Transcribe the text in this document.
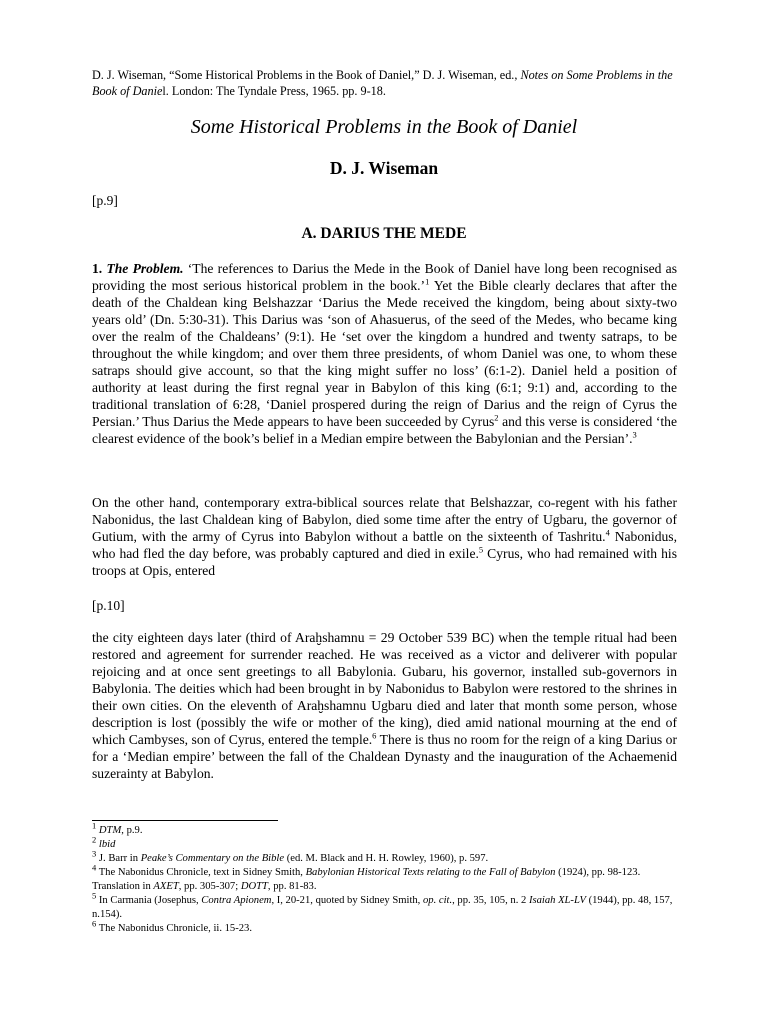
D. J. Wiseman, “Some Historical Problems in the Book of Daniel,” D. J. Wiseman, ed., Notes on Some Problems in the Book of Daniel. London: The Tyndale Press, 1965. pp. 9-18.
Some Historical Problems in the Book of Daniel
D. J. Wiseman
[p.9]
A. DARIUS THE MEDE

1. The Problem. ‘The references to Darius the Mede in the Book of Daniel have long been recognised as providing the most serious historical problem in the book.’$^1$ Yet the Bible clearly declares that after the death of the Chaldean king Belshazzar ‘Darius the Mede received the kingdom, being about sixty-two years old’ (Dn. 5:30-31). This Darius was ‘son of Ahasuerus, of the seed of the Medes, who became king over the realm of the Chaldeans’ (9:1). He ‘set over the kingdom a hundred and twenty satraps, to be throughout the while kingdom; and over them three presidents, of whom Daniel was one, to whom these satraps should give account, so that the king might suffer no loss’ (6:1-2). Daniel held a position of authority at least during the first regnal year in Babylon of this king (6:1; 9:1) and, according to the traditional translation of 6:28, ‘Daniel prospered during the reign of Darius and the reign of Cyrus the Persian.’ Thus Darius the Mede appears to have been succeeded by Cyrus$^2$ and this verse is considered ‘the clearest evidence of the book’s belief in a Median empire between the Babylonian and the Persian’.$^3$

On the other hand, contemporary extra-biblical sources relate that Belshazzar, co-regent with his father Nabonidus, the last Chaldean king of Babylon, died some time after the entry of Ugbaru, the governor of Gutium, with the army of Cyrus into Babylon without a battle on the sixteenth of Tashritu.$^4$ Nabonidus, who had fled the day before, was probably captured and died in exile.$^5$ Cyrus, who had remained with his troops at Opis, entered

[p.10]

the city eighteen days later (third of Araḫshamnu = 29 October 539 BC) when the temple ritual had been restored and agreement for surrender reached. He was received as a victor and deliverer with popular rejoicing and at once sent greetings to all Babylonia. Gubaru, his governor, installed sub-governors in Babylonia. The deities which had been brought in by Nabonidus to Babylon were restored to the shrines in their own cities. On the eleventh of Araḫshamnu Ugbaru died and later that month some person, whose description is lost (possibly the wife or mother of the king), died amid national mourning at the end of which Cambyses, son of Cyrus, entered the temple.$^6$ There is thus no room for the reign of a king Darius or for a ‘Median empire’ between the fall of the Chaldean Dynasty and the inauguration of the Achaemenid suzerainty at Babylon.

$^1$ DTM, p.9.

$^2$ lbid

$^3$ J. Barr in Peake’s Commentary on the Bible (ed. M. Black and H. H. Rowley, 1960), p. 597.

$^4$ The Nabonidus Chronicle, text in Sidney Smith, Babylonian Historical Texts relating to the Fall of Babylon (1924), pp. 98-123. Translation in AXET, pp. 305-307; DOTT, pp. 81-83.

$^5$ In Carmania (Josephus, Contra Apionem, I, 20-21, quoted by Sidney Smith, op. cit., pp. 35, 105, n. 2 Isaiah XL-LV (1944), pp. 48, 157, n.154).

$^6$ The Nabonidus Chronicle, ii. 15-23.
